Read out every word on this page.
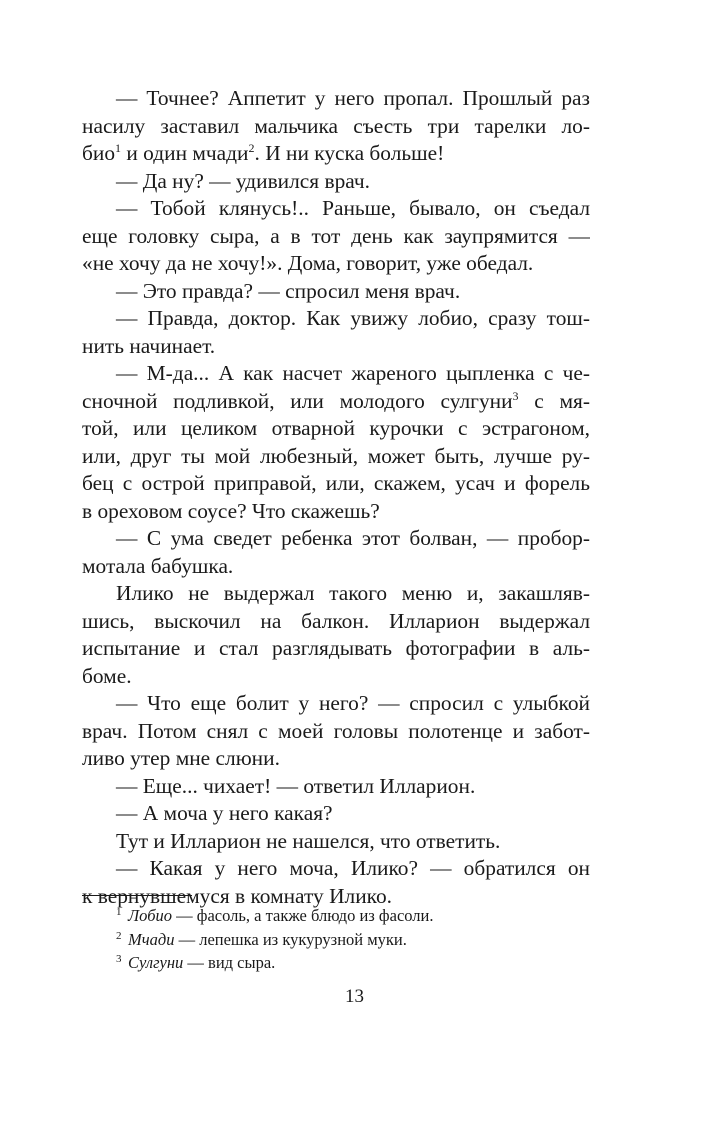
— Точнее? Аппетит у него пропал. Прошлый раз
насилу заставил мальчика съесть три тарелки ло-
био$^1$ и один мчади$^2$. И ни куска больше!
— Да ну? — удивился врач.
— Тобой клянусь!.. Раньше, бывало, он съедал
еще головку сыра, а в тот день как заупрямится —
«не хочу да не хочу!». Дома, говорит, уже обедал.
— Это правда? — спросил меня врач.
— Правда, доктор. Как увижу лобио, сразу тош-
нить начинает.
— М-да... А как насчет жареного цыпленка с че-
сночной подливкой, или молодого сулгуни$^3$ с мя-
той, или целиком отварной курочки с эстрагоном,
или, друг ты мой любезный, может быть, лучше ру-
бец с острой приправой, или, скажем, усач и форель
в ореховом соусе? Что скажешь?
— С ума сведет ребенка этот болван, — пробор-
мотала бабушка.
Илико не выдержал такого меню и, закашляв-
шись, выскочил на балкон. Илларион выдержал
испытание и стал разглядывать фотографии в аль-
боме.
— Что еще болит у него? — спросил с улыбкой
врач. Потом снял с моей головы полотенце и забот-
ливо утер мне слюни.
— Еще... чихает! — ответил Илларион.
— А моча у него какая?
Тут и Илларион не нашелся, что ответить.
— Какая у него моча, Илико? — обратился он
к вернувшемуся в комнату Илико.
1 Лобио — фасоль, а также блюдо из фасоли.
2 Мчади — лепешка из кукурузной муки.
3 Сулгуни — вид сыра.
13
